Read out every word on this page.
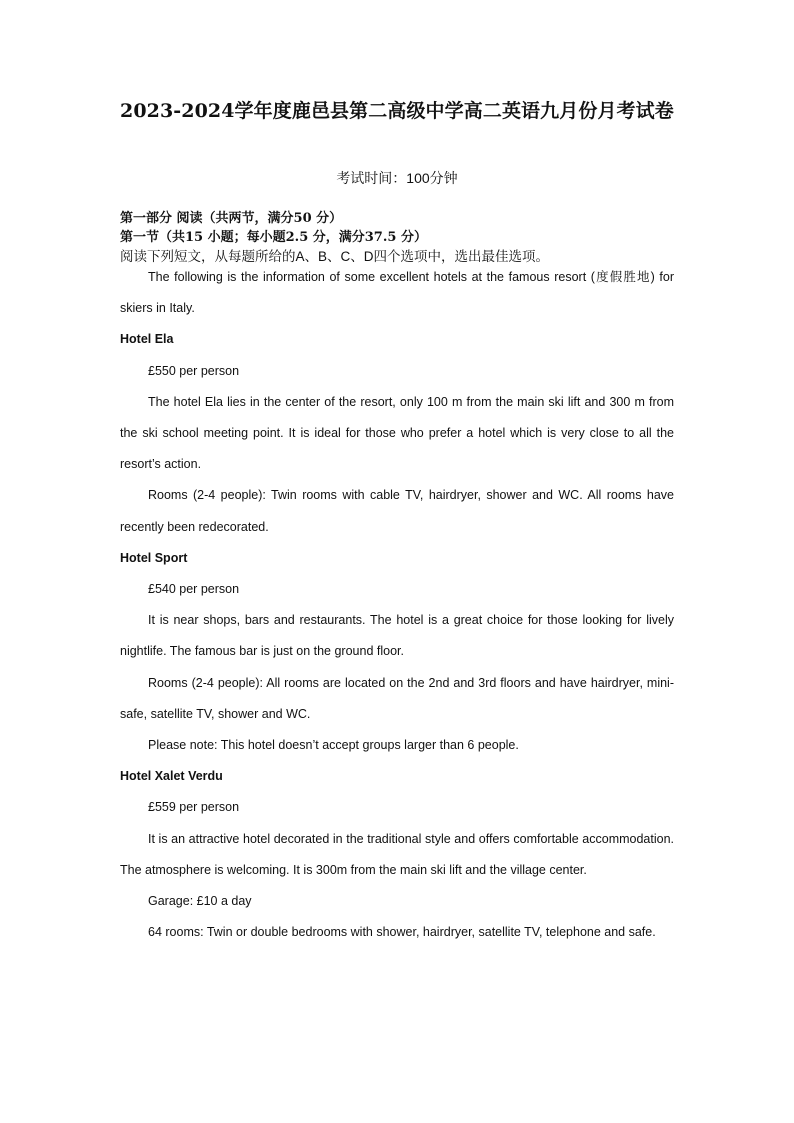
2023-2024学年度鹿邑县第二高级中学高二英语九月份月考试卷
考试时间：100分钟
第一部分 阅读（共两节，满分50 分）
第一节（共15 小题；每小题2.5 分，满分37.5 分）
阅读下列短文，从每题所给的A、B、C、D四个选项中，选出最佳选项。

The following is the information of some excellent hotels at the famous resort (度假胜地) for skiers in Italy.

Hotel Ela

£550 per person

The hotel Ela lies in the center of the resort, only 100 m from the main ski lift and 300 m from the ski school meeting point. It is ideal for those who prefer a hotel which is very close to all the resort’s action.

Rooms (2-4 people): Twin rooms with cable TV, hairdryer, shower and WC. All rooms have recently been redecorated.

Hotel Sport

£540 per person

It is near shops, bars and restaurants. The hotel is a great choice for those looking for lively nightlife. The famous bar is just on the ground floor.

Rooms (2-4 people): All rooms are located on the 2nd and 3rd floors and have hairdryer, mini-safe, satellite TV, shower and WC.

Please note: This hotel doesn’t accept groups larger than 6 people.

Hotel Xalet Verdu

£559 per person

It is an attractive hotel decorated in the traditional style and offers comfortable accommodation. The atmosphere is welcoming. It is 300m from the main ski lift and the village center.

Garage: £10 a day

64 rooms: Twin or double bedrooms with shower, hairdryer, satellite TV, telephone and safe.
